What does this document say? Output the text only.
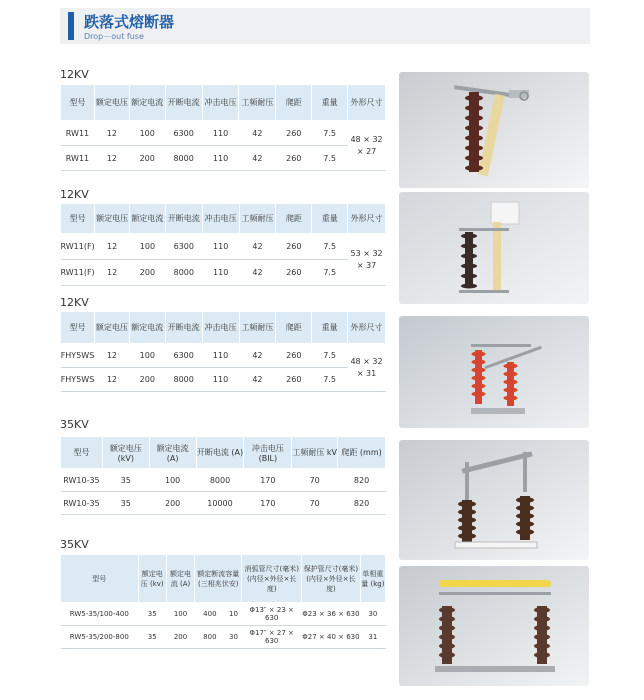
跌落式熔断器
Drop－out fuse
12KV
型号	额定电压	额定电流	开断电流	冲击电压	工频耐压	爬距	重量	外形尺寸
RW11	12	100	6300	110	42	260	7.5	48 × 32 × 27
RW11	12	200	8000	110	42	260	7.5	
12KV
型号	额定电压	额定电流	开断电流	冲击电压	工频耐压	爬距	重量	外形尺寸
RW11(F)	12	100	6300	110	42	260	7.5	53 × 32 × 37
RW11(F)	12	200	8000	110	42	260	7.5	
12KV
型号	额定电压	额定电流	开断电流	冲击电压	工频耐压	爬距	重量	外形尺寸
FHY5WS	12	100	6300	110	42	260	7.5	48 × 32 × 31
FHY5WS	12	200	8000	110	42	260	7.5	
35KV
型号	额定电压 (kV)	额定电流 (A)	开断电流 (A)	冲击电压 (BIL)	工频耐压 kV	爬距 (mm)
RW10-35	35	100	8000	170	70	820
RW10-35	35	200	10000	170	70	820
35KV
型号	额定电压 (kv)	额定电流 (A)	额定断流容量 (三相兆伏安)		消弧管尺寸(毫米) (内径×外径×长度)	保护管尺寸(毫米) (内径×外径×长度)	单相重量 (kg)
RW5-35/100-400	35	100	400	10	Φ13″ × 23 × 630	Φ23 × 36 × 630	30
RW5-35/200-800	35	200	800	30	Φ17″ × 27 × 630	Φ27 × 40 × 630	31
